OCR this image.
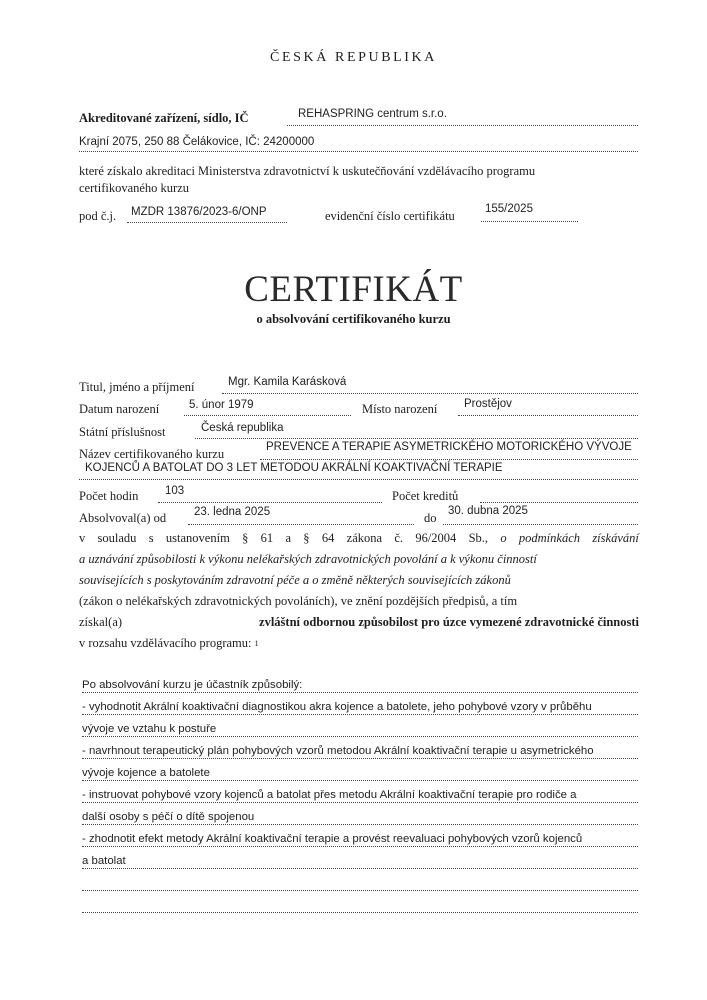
ČESKÁ REPUBLIKA
Akreditované zařízení, sídlo, IČ	REHASPRING centrum s.r.o.
Krajní 2075, 250 88 Čelákovice, IČ: 24200000
které získalo akreditaci Ministerstva zdravotnictví k uskutečňování vzdělávacího programu
certifikovaného kurzu
pod č.j. MZDR 13876/2023-6/ONP	evidenční číslo certifikátu	155/2025
CERTIFIKÁT
o absolvování certifikovaného kurzu
Titul, jméno a příjmení	Mgr. Kamila Karásková
Datum narození	5. únor 1979	Místo narození Prostějov
Státní příslušnost	Česká republika
Název certifikovaného kurzu	PREVENCE A TERAPIE ASYMETRICKÉHO MOTORICKÉHO VÝVOJE
KOJENCŮ A BATOLAT DO 3 LET METODOU AKRÁLNÍ KOAKTIVAČNÍ TERAPIE
Počet hodin 103	Počet kreditů
Absolvoval(a) od 23. ledna 2025	do 30. dubna 2025
v souladu s ustanovením § 61 a § 64 zákona č. 96/2004 Sb., o podmínkách získávání
a uznávání způsobilosti k výkonu nelékařských zdravotnických povolání a k výkonu činností
souvisejících s poskytováním zdravotní péče a o změně některých souvisejících zákonů
(zákon o nelékařských zdravotnických povoláních), ve znění pozdějších předpisů, a tím
získal(a)	zvláštní odbornou způsobilost pro úzce vymezené zdravotnické činnosti
v rozsahu vzdělávacího programu:
1
Po absolvování kurzu je účastník způsobilý:
- vyhodnotit Akrální koaktivační diagnostikou akra kojence a batolete, jeho pohybové vzory v průběhu
vývoje ve vztahu k postuře
- navrhnout terapeutický plán pohybových vzorů metodou Akrální koaktivační terapie u asymetrického
vývoje kojence a batolete
- instruovat pohybové vzory kojenců a batolat přes metodu Akrální koaktivační terapie pro rodiče a
další osoby s péčí o dítě spojenou
- zhodnotit efekt metody Akrální koaktivační terapie a provést reevaluaci pohybových vzorů kojenců
a batolat
